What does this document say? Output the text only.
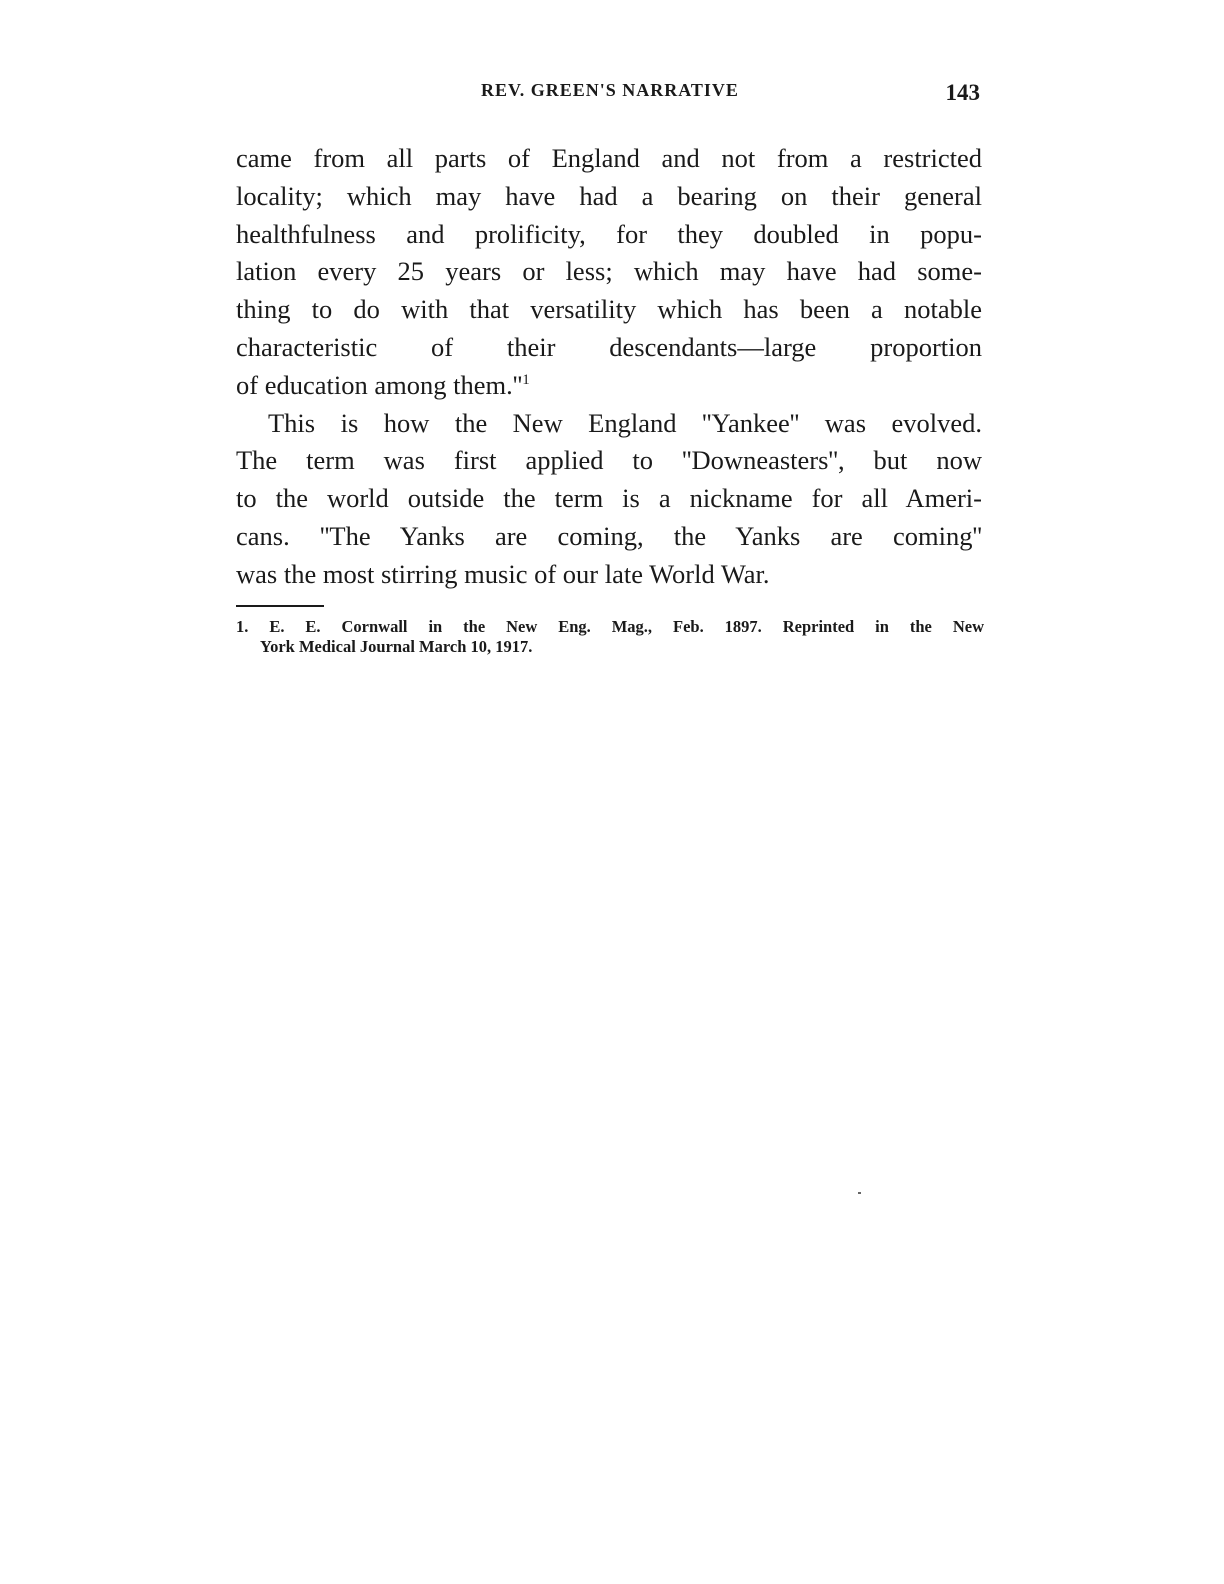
REV. GREEN'S NARRATIVE	143
came from all parts of England and not from a restricted
locality; which may have had a bearing on their general
healthfulness and prolificity, for they doubled in popu-
lation every 25 years or less; which may have had some-
thing to do with that versatility which has been a notable
characteristic of their descendants—large proportion
of education among $them.''^1$
This is how the New England ''Yankee'' was evolved.
The term was first applied to ''Downeasters'', but now
to the world outside the term is a nickname for all Ameri-
cans. ''The Yanks are coming, the Yanks are coming''
was the most stirring music of our late World War.
1. E. E. Cornwall in the New Eng. Mag., Feb. 1897. Reprinted in the New
York Medical Journal March 10, 1917.
